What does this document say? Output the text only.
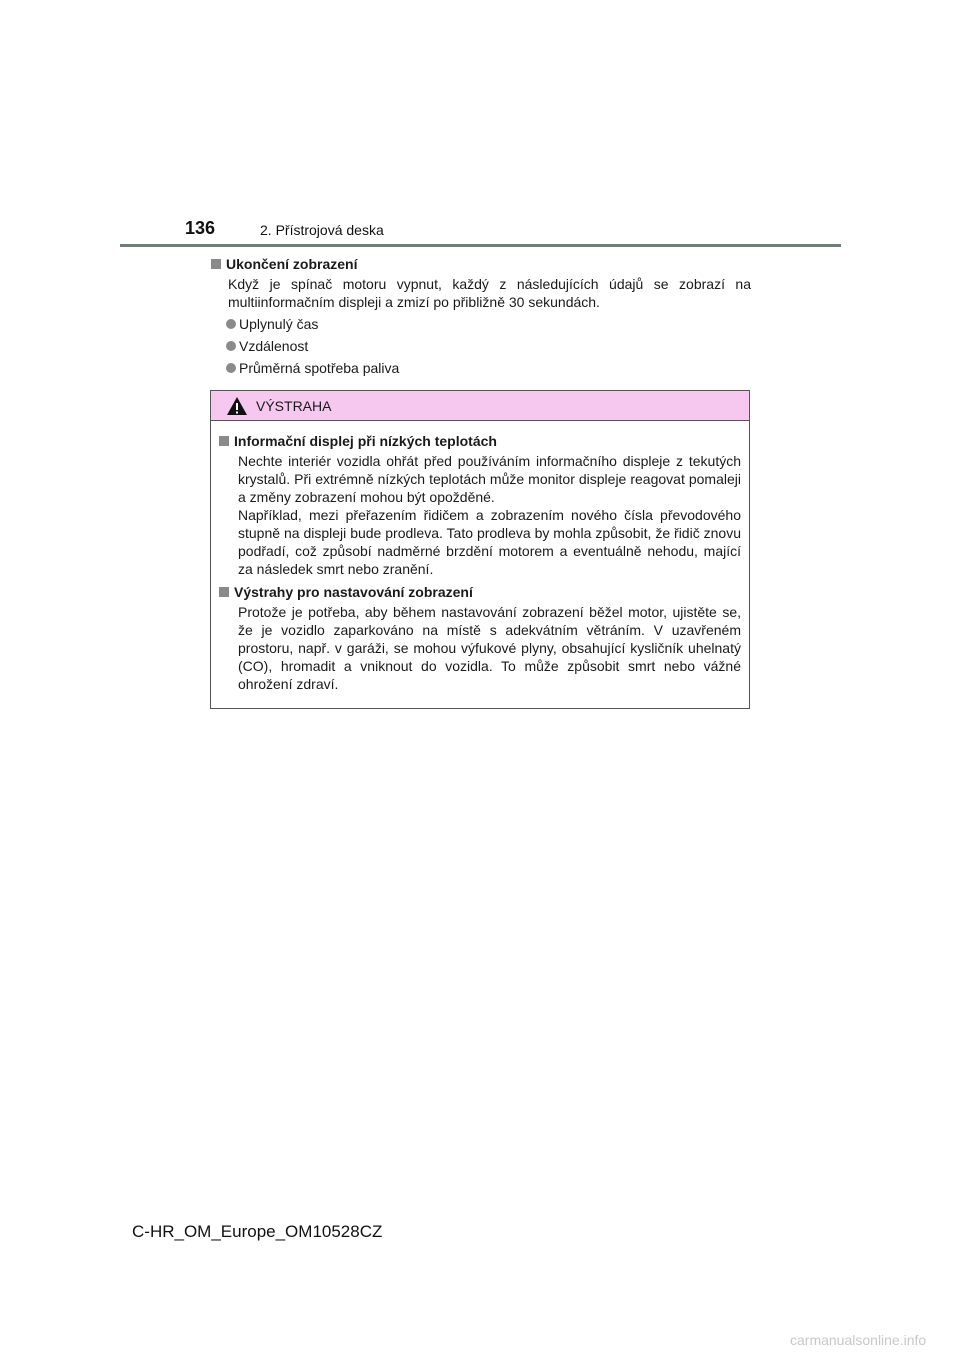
136	2. Přístrojová deska
Ukončení zobrazení
Když je spínač motoru vypnut, každý z následujících údajů se zobrazí na multiinformačním displeji a zmizí po přibližně 30 sekundách.
Uplynulý čas
Vzdálenost
Průměrná spotřeba paliva
VÝSTRAHA
Informační displej při nízkých teplotách
Nechte interiér vozidla ohřát před používáním informačního displeje z tekutých krystalů. Při extrémně nízkých teplotách může monitor displeje reagovat pomaleji a změny zobrazení mohou být opožděné.
Například, mezi přeřazením řidičem a zobrazením nového čísla převodového stupně na displeji bude prodleva. Tato prodleva by mohla způsobit, že řidič znovu podřadí, což způsobí nadměrné brzdění motorem a eventuálně nehodu, mající za následek smrt nebo zranění.
Výstrahy pro nastavování zobrazení
Protože je potřeba, aby během nastavování zobrazení běžel motor, ujistěte se, že je vozidlo zaparkováno na místě s adekvátním větráním. V uzavřeném prostoru, např. v garáži, se mohou výfukové plyny, obsahující kysličník uhelnatý (CO), hromadit a vniknout do vozidla. To může způsobit smrt nebo vážné ohrožení zdraví.
C-HR_OM_Europe_OM10528CZ
carmanualsonline.info
